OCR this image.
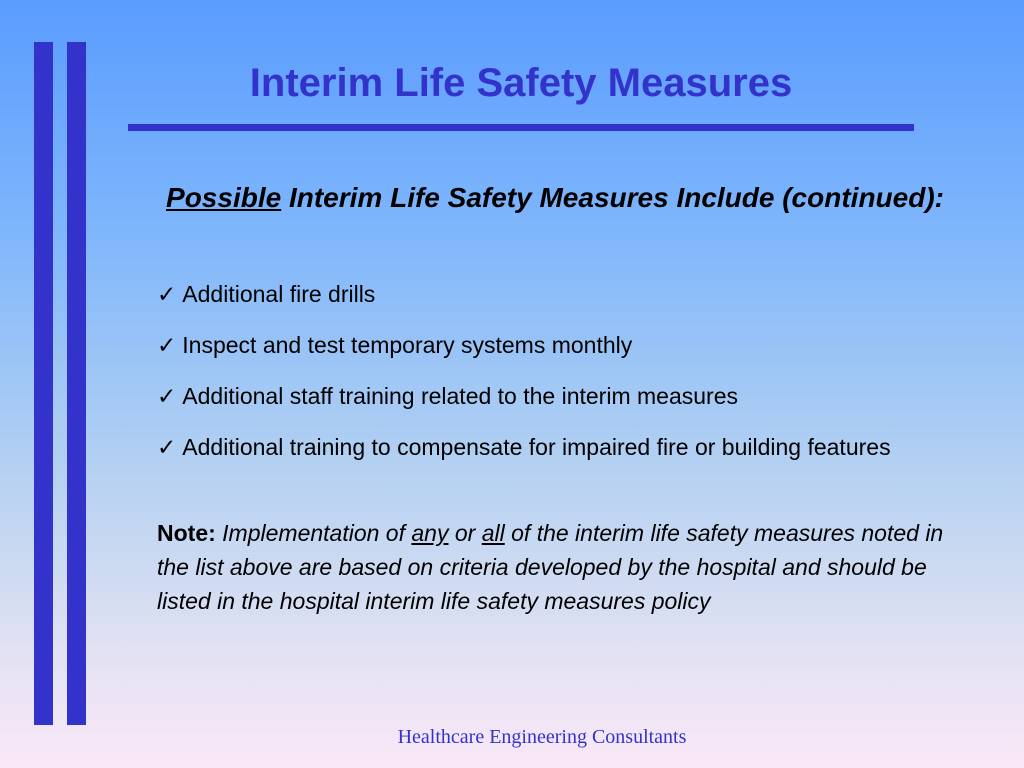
Interim Life Safety Measures
Possible Interim Life Safety Measures Include (continued):
✓ Additional fire drills
✓ Inspect and test temporary systems monthly
✓ Additional staff training related to the interim measures
✓ Additional training to compensate for impaired fire or building features

Note: Implementation of any or all of the interim life safety measures noted in the list above are based on criteria developed by the hospital and should be listed in the hospital interim life safety measures policy

Healthcare Engineering Consultants
